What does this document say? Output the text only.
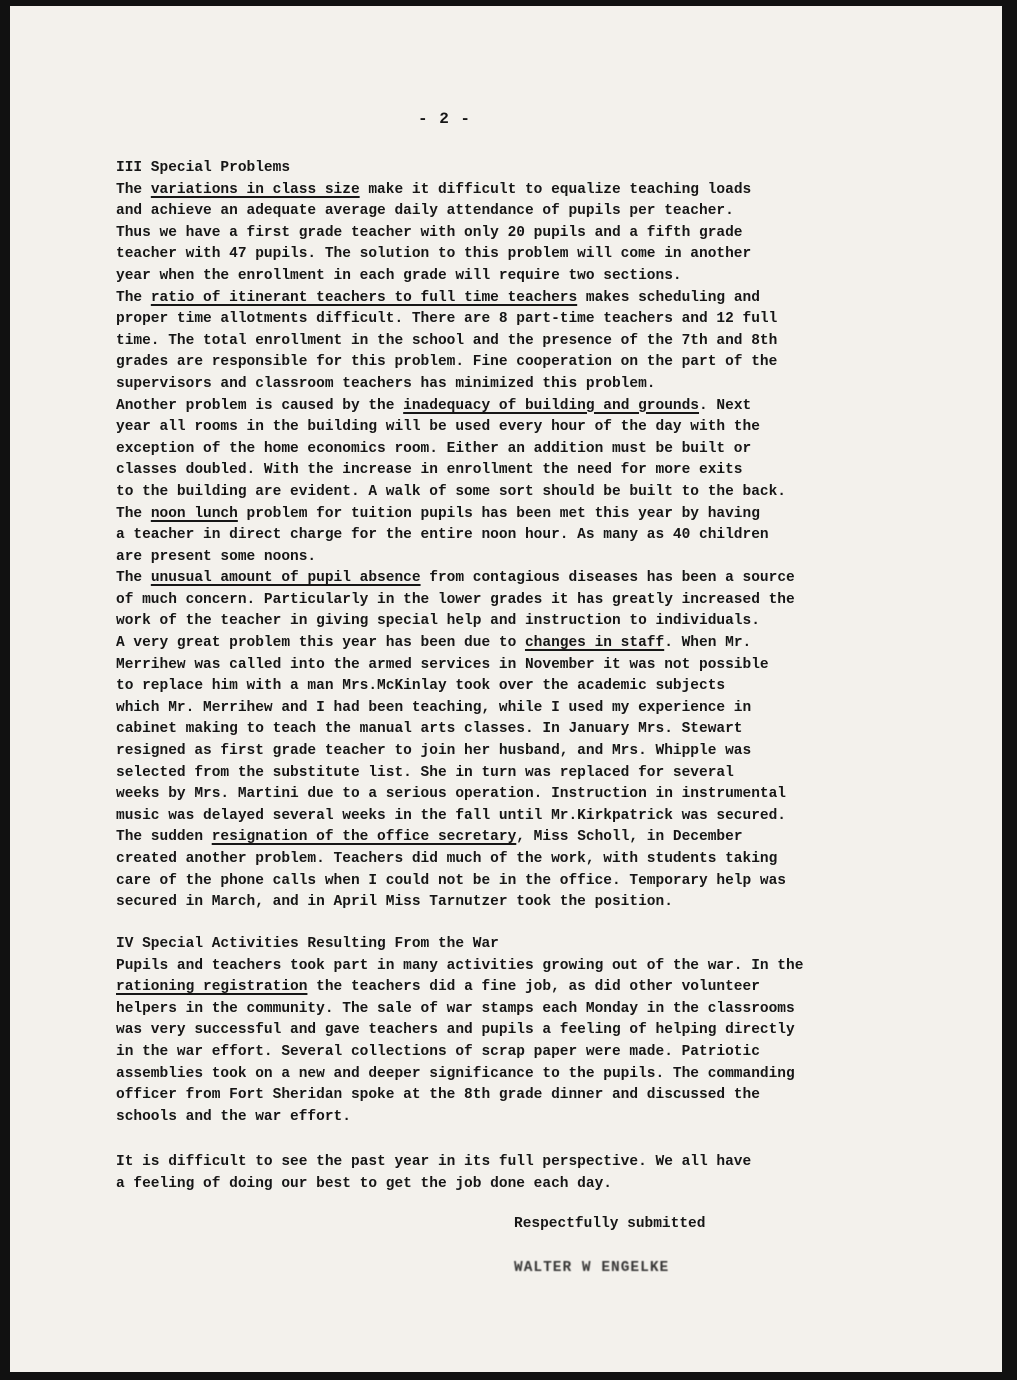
- 2 -
III Special Problems
The variations in class size make it difficult to equalize teaching loads
and achieve an adequate average daily attendance of pupils per teacher.
Thus we have a first grade teacher with only 20 pupils and a fifth grade
teacher with 47 pupils. The solution to this problem will come in another
year when the enrollment in each grade will require two sections.
The ratio of itinerant teachers to full time teachers makes scheduling and
proper time allotments difficult. There are 8 part-time teachers and 12 full
time. The total enrollment in the school and the presence of the 7th and 8th
grades are responsible for this problem. Fine cooperation on the part of the
supervisors and classroom teachers has minimized this problem.
Another problem is caused by the inadequacy of building and grounds. Next
year all rooms in the building will be used every hour of the day with the
exception of the home economics room. Either an addition must be built or
classes doubled. With the increase in enrollment the need for more exits
to the building are evident. A walk of some sort should be built to the back.
The noon lunch problem for tuition pupils has been met this year by having
a teacher in direct charge for the entire noon hour. As many as 40 children
are present some noons.
The unusual amount of pupil absence from contagious diseases has been a source
of much concern. Particularly in the lower grades it has greatly increased the
work of the teacher in giving special help and instruction to individuals.
A very great problem this year has been due to changes in staff. When Mr.
Merrihew was called into the armed services in November it was not possible
to replace him with a man Mrs.McKinlay took over the academic subjects
which Mr. Merrihew and I had been teaching, while I used my experience in
cabinet making to teach the manual arts classes. In January Mrs. Stewart
resigned as first grade teacher to join her husband, and Mrs. Whipple was
selected from the substitute list. She in turn was replaced for several
weeks by Mrs. Martini due to a serious operation. Instruction in instrumental
music was delayed several weeks in the fall until Mr.Kirkpatrick was secured.
The sudden resignation of the office secretary, Miss Scholl, in December
created another problem. Teachers did much of the work, with students taking
care of the phone calls when I could not be in the office. Temporary help was
secured in March, and in April Miss Tarnutzer took the position.
IV Special Activities Resulting From the War
Pupils and teachers took part in many activities growing out of the war. In the
rationing registration the teachers did a fine job, as did other volunteer
helpers in the community. The sale of war stamps each Monday in the classrooms
was very successful and gave teachers and pupils a feeling of helping directly
in the war effort. Several collections of scrap paper were made. Patriotic
assemblies took on a new and deeper significance to the pupils. The commanding
officer from Fort Sheridan spoke at the 8th grade dinner and discussed the
schools and the war effort.
It is difficult to see the past year in its full perspective. We all have
a feeling of doing our best to get the job done each day.
Respectfully submitted
WALTER W ENGELKE
